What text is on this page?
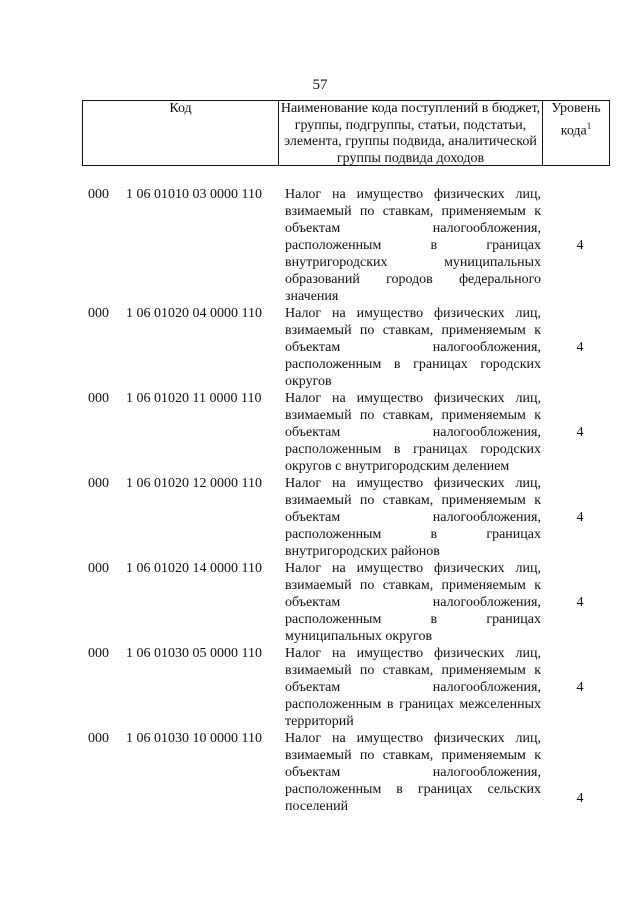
57
Код	Наименование кода поступлений в бюджет, группы, подгруппы, статьи, подстатьи, элемента, группы подвида, аналитической группы подвида доходов
Уровень кода$^1$
000 1 06 01010 03 0000 110 Налог на имущество физических лиц, взимаемый по ставкам, применяемым к объектам налогообложения, расположенным в границах внутригородских муниципальных образований городов федерального значения
4
000 1 06 01020 04 0000 110 Налог на имущество физических лиц, взимаемый по ставкам, применяемым к объектам налогообложения, расположенным в границах городских округов
4
000 1 06 01020 11 0000 110 Налог на имущество физических лиц, взимаемый по ставкам, применяемым к объектам налогообложения, расположенным в границах городских округов с внутригородским делением
4
000 1 06 01020 12 0000 110 Налог на имущество физических лиц, взимаемый по ставкам, применяемым к объектам налогообложения, расположенным в границах внутригородских районов
4
000 1 06 01020 14 0000 110 Налог на имущество физических лиц, взимаемый по ставкам, применяемым к объектам налогообложения, расположенным в границах муниципальных округов
4
000 1 06 01030 05 0000 110 Налог на имущество физических лиц, взимаемый по ставкам, применяемым к объектам налогообложения, расположенным в границах межселенных территорий
4
000 1 06 01030 10 0000 110 Налог на имущество физических лиц, взимаемый по ставкам, применяемым к объектам налогообложения, расположенным в границах сельских поселений
4
